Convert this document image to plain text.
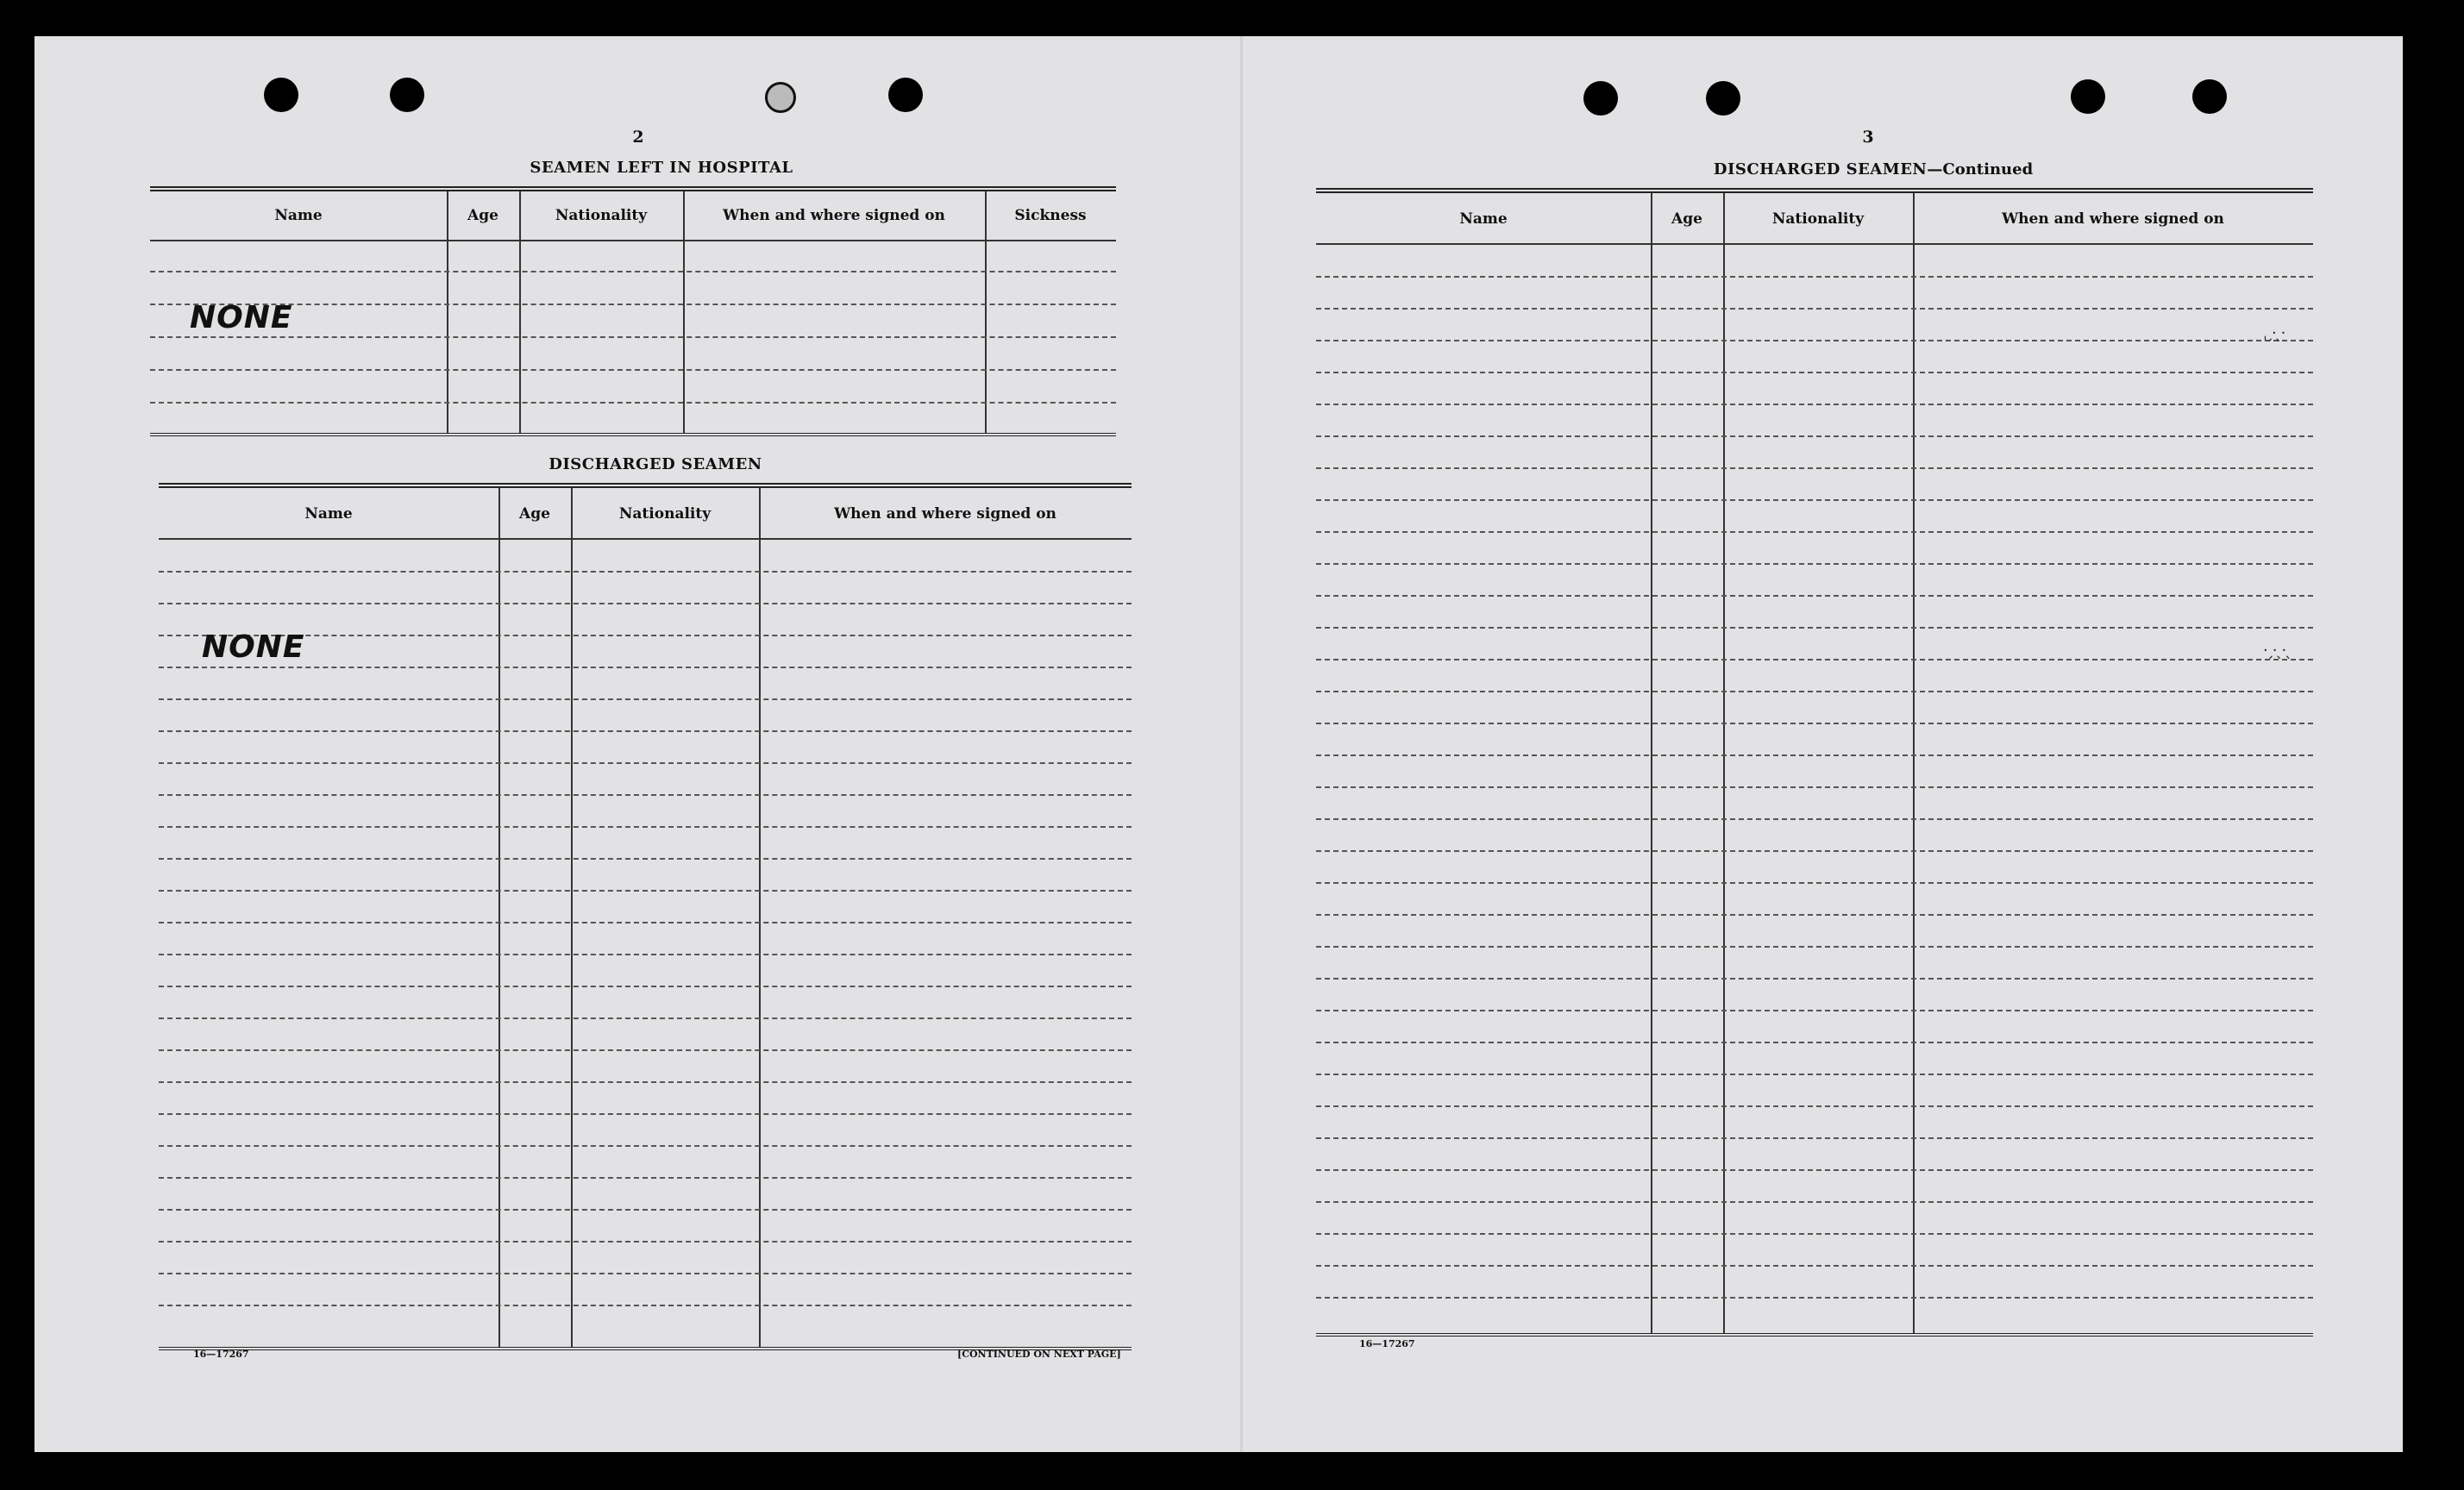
2
SEAMEN LEFT IN HOSPITAL
Name	Age	Nationality	When and where signed on	Sickness
NONE
DISCHARGED SEAMEN
Name	Age	Nationality	When and where signed on
NONE
16—17267	[CONTINUED ON NEXT PAGE]
3
DISCHARGED SEAMEN—Continued
Name	Age	Nationality	When and where signed on
ˌˏ·ˎ·
·ˏ·ˎ·ˎ
16—17267
